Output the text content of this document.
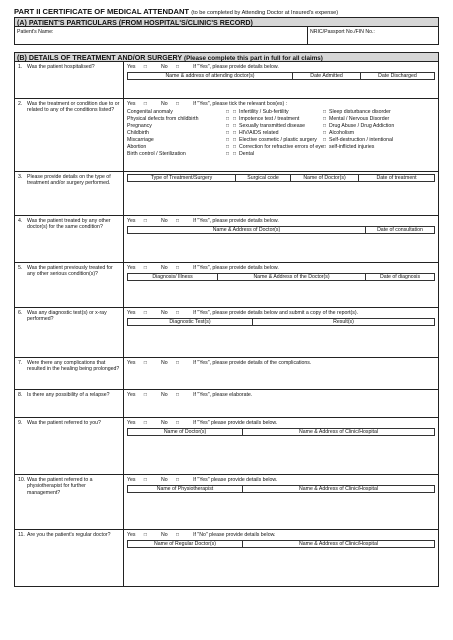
PART II CERTIFICATE OF MEDICAL ATTENDANT (to be completed by Attending Doctor at Insured's expense)
(A) PATIENT'S PARTICULARS (FROM HOSPITAL'S/CLINIC'S RECORD)
Patient's Name:	NRIC/Passport No./FIN No.:
(B) DETAILS OF TREATMENT AND/OR SURGERY (Please complete this part in full for all claims)
1. Was the patient hospitalised?	Yes □	No □	If "Yes", please provide details below.
Name & address of attending doctor(s)	Date Admitted	Date Discharged
2. Was the treatment or condition due to or related to any of the conditions listed?
Yes □	No □	If "Yes", please tick the relevant box(es) :
Congenital anomaly	□ □ Infertility / Sub-fertility	□ Sleep disturbance disorder
Physical defects from childbirth	□ □ Impotence test / treatment	□ Mental / Nervous Disorder
Pregnancy	□ □ Sexually transmitted disease	□ Drug Abuse / Drug Addiction
Childbirth	□ □ HIV/AIDS related	□ Alcoholism
Miscarriage	□ □ Elective cosmetic / plastic surgery	□ Self-destruction / intentional
Abortion	□ □ Correction for refractive errors of eye □ self-inflicted injuries
Birth control / Sterilization	□ □ Dental
3. Please provide details on the type of treatment and/or surgery performed.
Type of Treatment/Surgery	Surgical code	Name of Doctor(s)	Date of treatment
4. Was the patient treated by any other doctor(s) for the same condition?
Yes □	No □	If "Yes", please provide details below.
Name & Address of Doctor(s)	Date of consultation
5. Was the patient previously treated for any other serious condition(s)?
Yes □	No □	If "Yes", please provide details below.
Diagnosis/ Illness	Name & Address of the Doctor(s)	Date of diagnosis
6. Was any diagnostic test(s) or x-ray performed?
Yes □	No □	If "Yes", please provide details below and submit a copy of the report(s).
Diagnostic Test(s)	Result(s)
7. Were there any complications that resulted in the healing being prolonged?
Yes □	No □	If "Yes", please provide details of the complications.
8. Is there any possibility of a relapse?	Yes □	No □	If "Yes", please elaborate.
9. Was the patient referred to you?	Yes □	No □	If "Yes" please provide details below.
Name of Doctor(s)	Name & Address of Clinic/Hospital
10. Was the patient referred to a physiotherapist for further management?
Yes □	No □	If "Yes" please provide details below.
Name of Physiotherapist	Name & Address of Clinic/Hospital
11. Are you the patient's regular doctor?	Yes □	No □	If "No" please provide details below.
Name of Regular Doctor(s)	Name & Address of Clinic/Hospital
